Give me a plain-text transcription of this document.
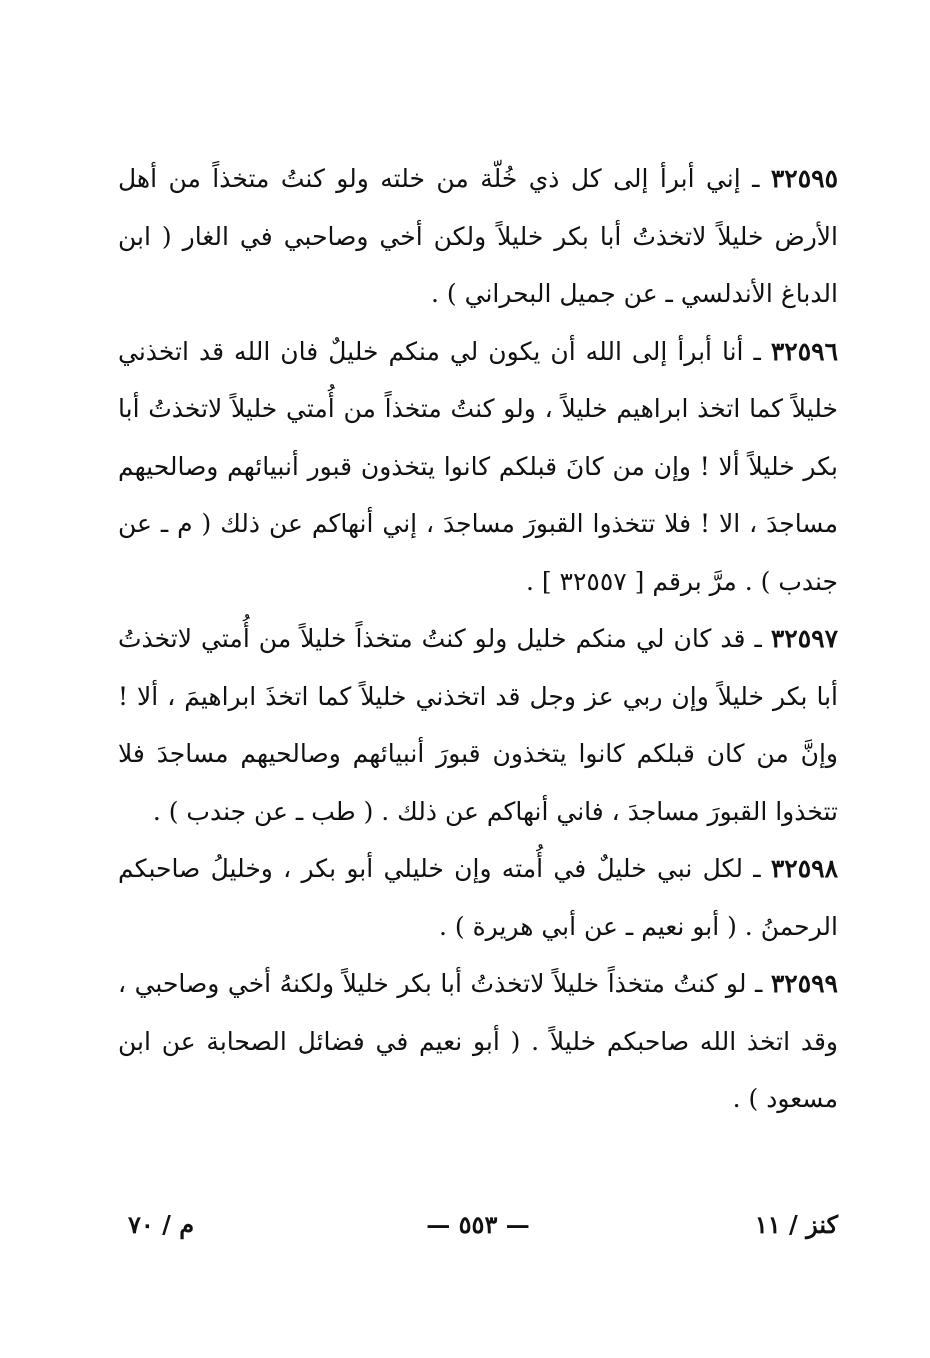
٣٢٥٩٥ ـ إني أبرأ إلى كل ذي خُلّة من خلته ولو كنتُ متخذاً من أهل الأرض خليلاً لاتخذتُ أبا بكر خليلاً ولكن أخي وصاحبي في الغار ( ابن الدباغ الأندلسي ـ عن جميل البحراني ) .

٣٢٥٩٦ ـ أنا أبرأ إلى الله أن يكون لي منكم خليلٌ فان الله قد اتخذني خليلاً كما اتخذ ابراهيم خليلاً ، ولو كنتُ متخذاً من أُمتي خليلاً لاتخذتُ أبا بكر خليلاً ألا ! وإن من كانَ قبلكم كانوا يتخذون قبور أنبيائهم وصالحيهم مساجدَ ، الا ! فلا تتخذوا القبورَ مساجدَ ، إني أنهاكم عن ذلك ( م ـ عن جندب ) . مرَّ برقم [ ٣٢٥٥٧ ] .

٣٢٥٩٧ ـ قد كان لي منكم خليل ولو كنتُ متخذاً خليلاً من أُمتي لاتخذتُ أبا بكر خليلاً وإن ربي عز وجل قد اتخذني خليلاً كما اتخذَ ابراهيمَ ، ألا ! وإنَّ من كان قبلكم كانوا يتخذون قبورَ أنبيائهم وصالحيهم مساجدَ فلا تتخذوا القبورَ مساجدَ ، فاني أنهاكم عن ذلك . ( طب ـ عن جندب ) .

٣٢٥٩٨ ـ لكل نبي خليلٌ في أُمته وإن خليلي أبو بكر ، وخليلُ صاحبكم الرحمنُ . ( أبو نعيم ـ عن أبي هريرة ) .

٣٢٥٩٩ ـ لو كنتُ متخذاً خليلاً لاتخذتُ أبا بكر خليلاً ولكنهُ أخي وصاحبي ، وقد اتخذ الله صاحبكم خليلاً . ( أبو نعيم في فضائل الصحابة عن ابن مسعود ) .

كنز / ١١
— ٥٥٣ —
م / ٧٠
